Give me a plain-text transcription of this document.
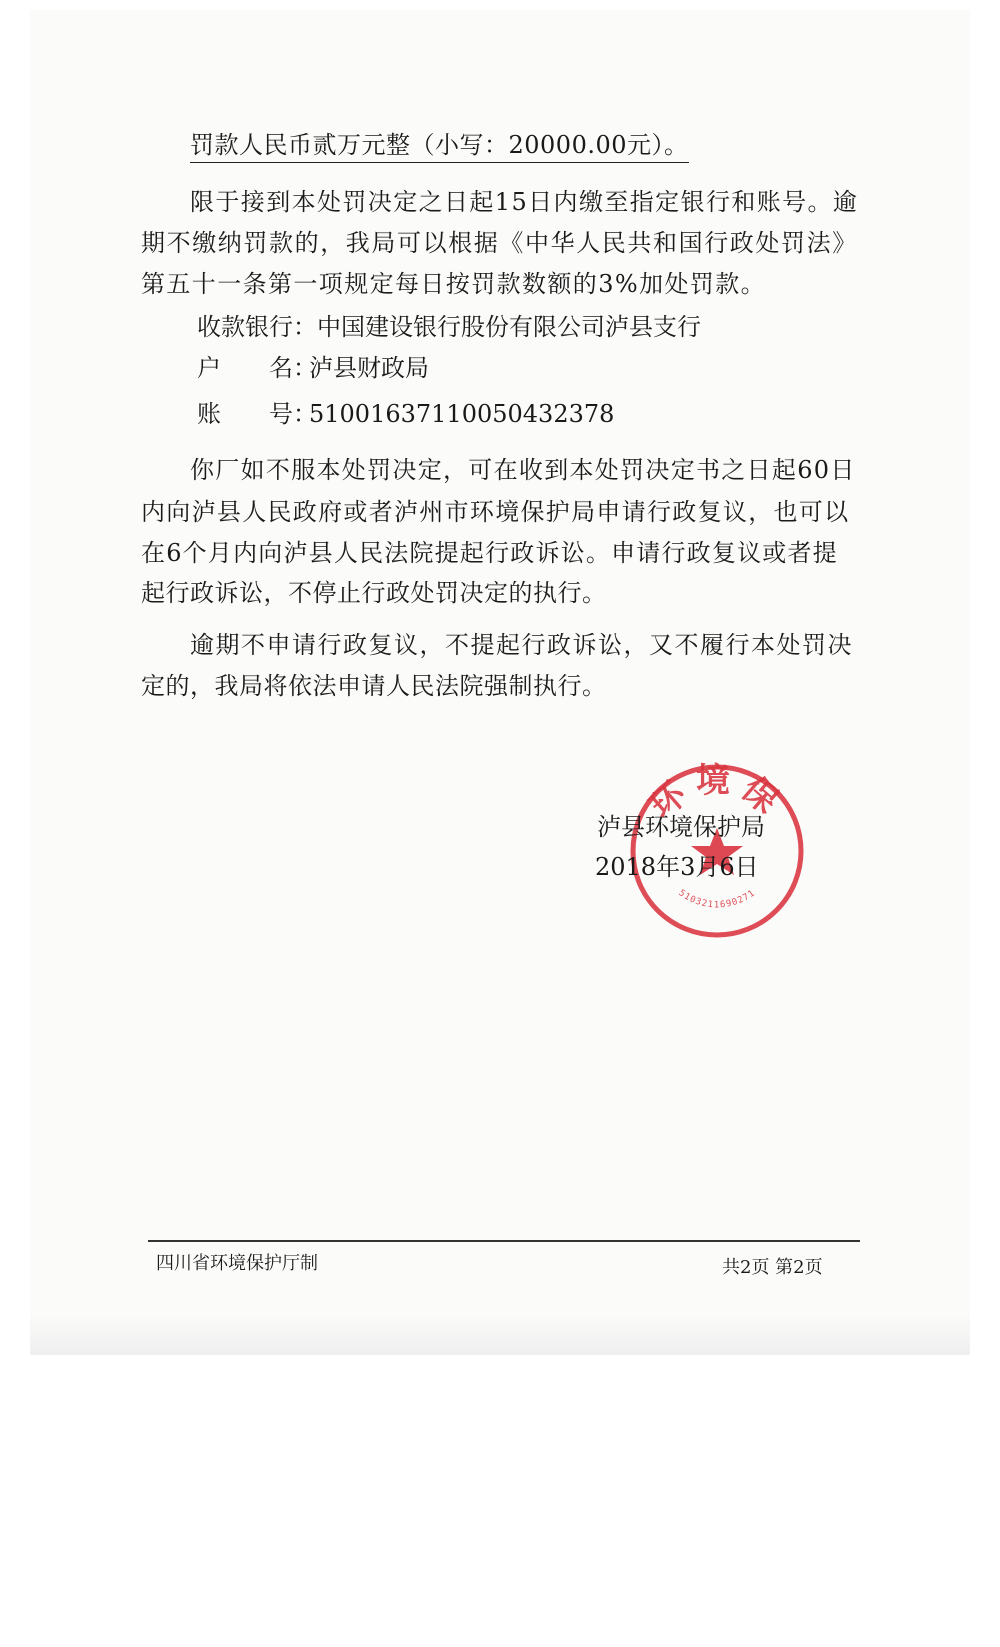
罚款人民币贰万元整（小写：20000.00元）。
限于接到本处罚决定之日起15日内缴至指定银行和账号。逾
期不缴纳罚款的，我局可以根据《中华人民共和国行政处罚法》
第五十一条第一项规定每日按罚款数额的3%加处罚款。
收款银行：中国建设银行股份有限公司泸县支行
户 名：泸县财政局
账 号：51001637110050432378
你厂如不服本处罚决定，可在收到本处罚决定书之日起60日
内向泸县人民政府或者泸州市环境保护局申请行政复议，也可以
在6个月内向泸县人民法院提起行政诉讼。申请行政复议或者提
起行政诉讼，不停止行政处罚决定的执行。
逾期不申请行政复议，不提起行政诉讼，又不履行本处罚决
定的，我局将依法申请人民法院强制执行。
环境保
5103211690271
泸县环境保护局
2018年3月6日
四川省环境保护厅制	共2页 第2页
